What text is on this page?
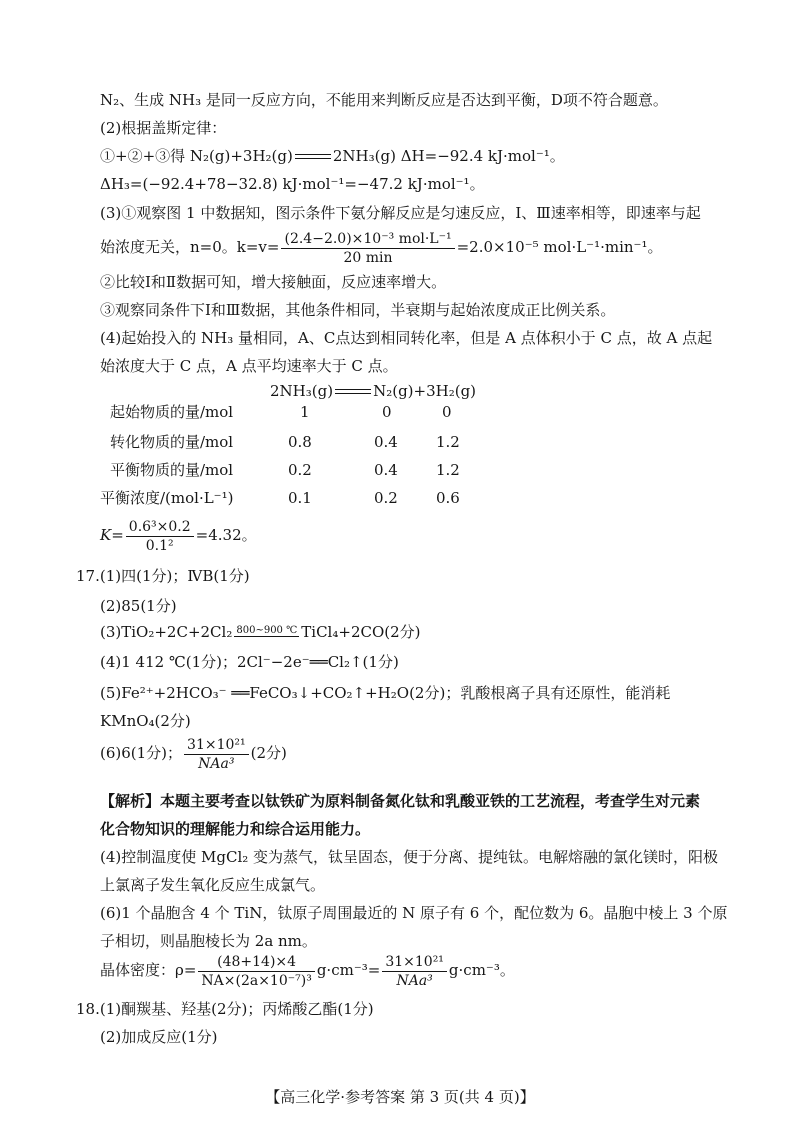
N₂、生成 NH₃ 是同一反应方向，不能用来判断反应是否达到平衡，D项不符合题意。
(2)根据盖斯定律：
①+②+③得 N₂(g)+3H₂(g)	2NH₃(g) ΔH=−92.4 kJ·mol⁻¹。
ΔH₃=(−92.4+78−32.8) kJ·mol⁻¹=−47.2 kJ·mol⁻¹。
(3)①观察图 1 中数据知，图示条件下氨分解反应是匀速反应，Ⅰ、Ⅲ速率相等，即速率与起
始浓度无关，n=0。$k=v= \frac{\text{(2.4−2.0)×10⁻³ mol·L⁻¹}}{20 \min} =2.0\times 10^{-5}$ mol·L⁻¹·min⁻¹。
②比较Ⅰ和Ⅱ数据可知，增大接触面，反应速率增大。
③观察同条件下Ⅰ和Ⅲ数据，其他条件相同，半衰期与起始浓度成正比例关系。
(4)起始投入的 NH₃ 量相同，A、C点达到相同转化率，但是 A 点体积小于 C 点，故 A 点起
始浓度大于 C 点，A 点平均速率大于 C 点。
2NH₃(g)	N₂(g)+3H₂(g)
起始物质的量/mol	1	0	0
转化物质的量/mol	0.8	0.4	1.2
平衡物质的量/mol	0.2	0.4	1.2
平衡浓度/(mol·L⁻¹)	0.1	0.2	0.6
$K= \frac{\text{0.6³×0.2}}{\text{0.1²}} =4.32$。
17.(1)四(1分)；ⅣB(1分)
(2)85(1分)
(3)TiO₂+2C+2Cl₂ 800~900 ℃ TiCl₄+2CO(2分)
(4)1 412 ℃(1分)；2Cl⁻−2e⁻══Cl₂↑(1分)
(5)Fe²⁺+2HCO₃⁻ ══FeCO₃↓+CO₂↑+H₂O(2分)；乳酸根离子具有还原性，能消耗
KMnO₄(2分)
(6)6(1分)； $\frac{\text{31×10²¹}}{\text{NAa³}} (2$分)
【解析】本题主要考查以钛铁矿为原料制备氮化钛和乳酸亚铁的工艺流程，考查学生对元素
化合物知识的理解能力和综合运用能力。
(4)控制温度使 MgCl₂ 变为蒸气，钛呈固态，便于分离、提纯钛。电解熔融的氯化镁时，阳极
上氯离子发生氧化反应生成氯气。
(6)1 个晶胞含 4 个 TiN，钛原子周围最近的 N 原子有 6 个，配位数为 6。晶胞中棱上 3 个原
子相切，则晶胞棱长为 2a nm。
晶体密度：$\rho= \frac{(48+14)\times 4}{\text{NA×(2a×10⁻⁷)³}} g\cdot cm^{-3}= \frac{\text{31×10²¹}}{\text{NAa³}} g\cdot cm^{-3}$。
18.(1)酮羰基、羟基(2分)；丙烯酸乙酯(1分)
(2)加成反应(1分)
【高三化学·参考答案 第 3 页(共 4 页)】
